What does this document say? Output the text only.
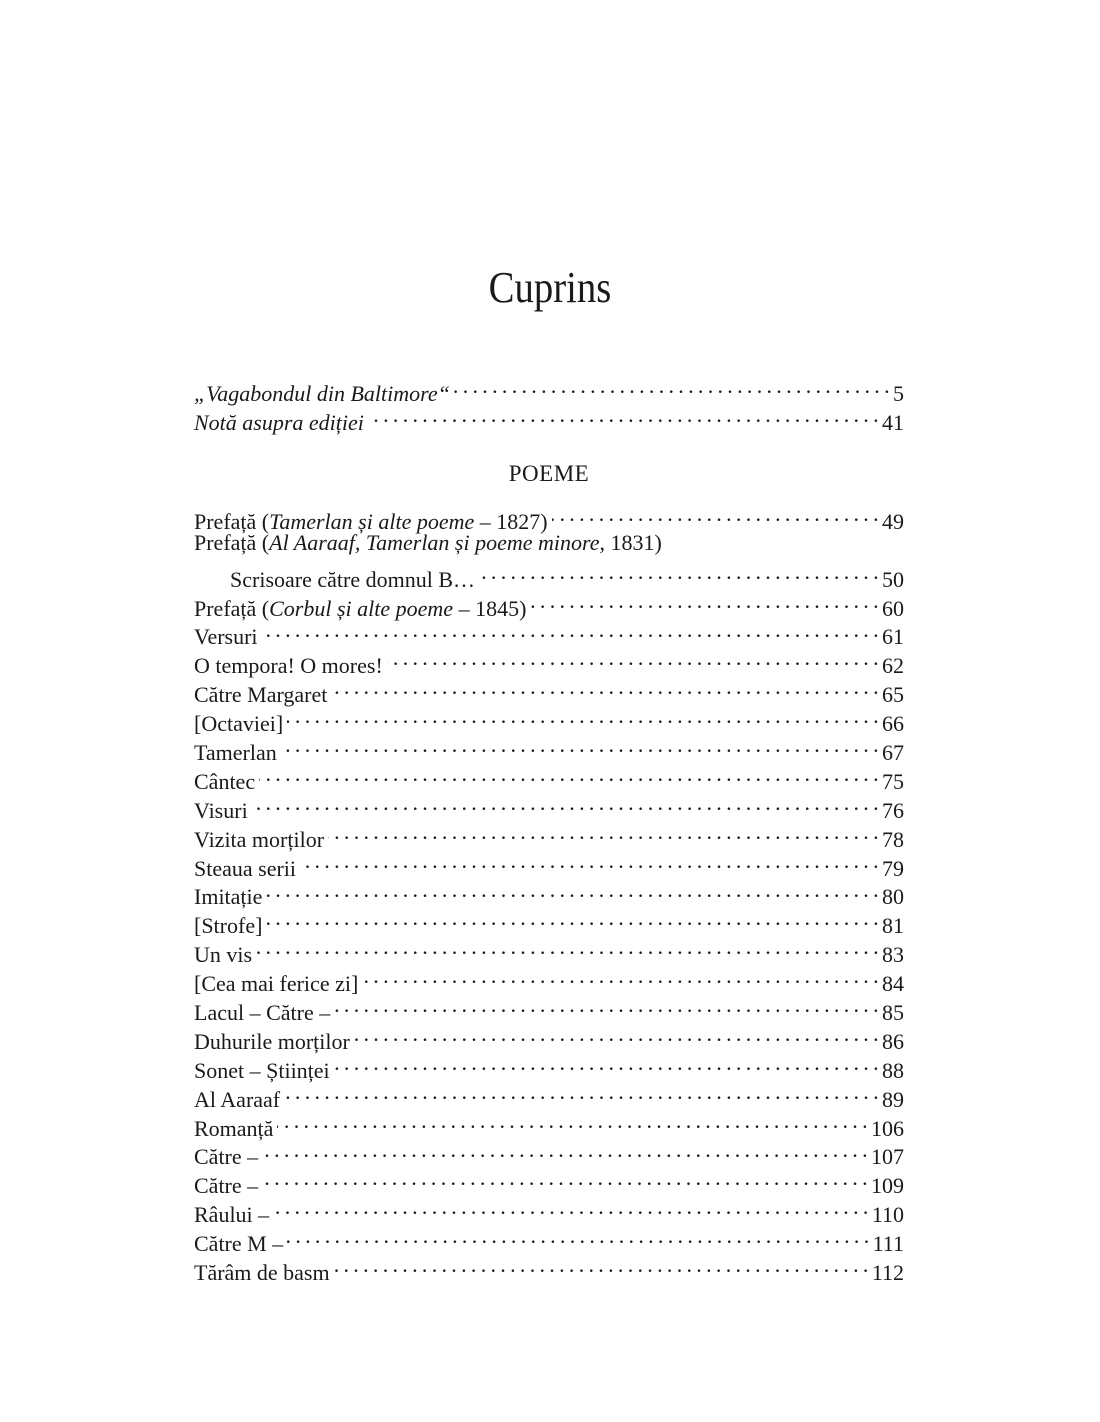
Cuprins
„Vagabondul din Baltimore“ . . .	5
Notă asupra ediției . . .	41
POEME
Prefață (Tamerlan și alte poeme – 1827) . . .	49
Prefață (Al Aaraaf, Tamerlan și poeme minore, 1831)
Scrisoare către domnul B… . . .	50
Prefață (Corbul și alte poeme – 1845) . . .	60
Versuri . . .	61
O tempora! O mores! . . .	62
Către Margaret . . .	65
[Octaviei] . . .	66
Tamerlan . . .	67
Cântec . . .	75
Visuri . . .	76
Vizita morților . . .	78
Steaua serii . . .	79
Imitație . . .	80
[Strofe] . . .	81
Un vis . . .	83
[Cea mai ferice zi] . . .	84
Lacul – Către – . . .	85
Duhurile morților . . .	86
Sonet – Științei . . .	88
Al Aaraaf . . .	89
Romanță . . .	106
Către – . . .	107
Către – . . .	109
Râului – . . .	110
Către M – . . .	111
Tărâm de basm . . .	112
